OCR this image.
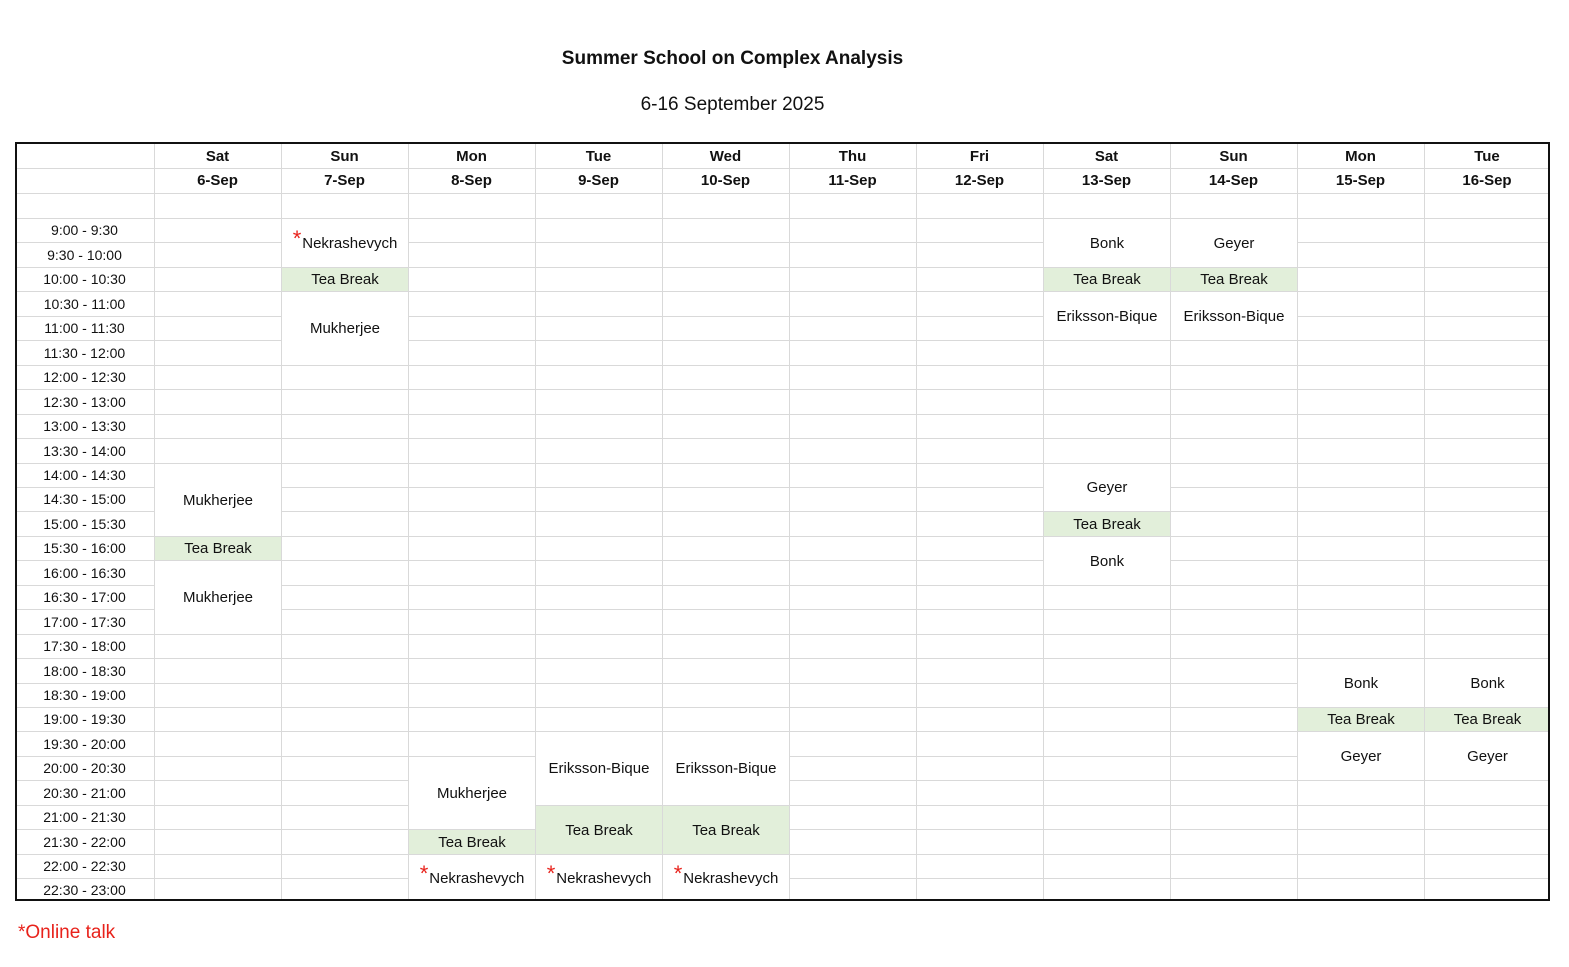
Summer School on Complex Analysis
6-16 September 2025
Sat
6-Sep
Sun
7-Sep
Mon
8-Sep
Tue
9-Sep
Wed
10-Sep
Thu
11-Sep
Fri
12-Sep
Sat
13-Sep
Sun
14-Sep
Mon
15-Sep
Tue
16-Sep
9:00 - 9:30
9:30 - 10:00
10:00 - 10:30
10:30 - 11:00
11:00 - 11:30
11:30 - 12:00
12:00 - 12:30
12:30 - 13:00
13:00 - 13:30
13:30 - 14:00
14:00 - 14:30
14:30 - 15:00
15:00 - 15:30
15:30 - 16:00
16:00 - 16:30
16:30 - 17:00
17:00 - 17:30
17:30 - 18:00
18:00 - 18:30
18:30 - 19:00
19:00 - 19:30
19:30 - 20:00
20:00 - 20:30
20:30 - 21:00
21:00 - 21:30
21:30 - 22:00
22:00 - 22:30
22:30 - 23:00
Mukherjee
Tea Break
Mukherjee
* Nekrashevych
Tea Break
Mukherjee
Mukherjee
Tea Break
* Nekrashevych
Eriksson-Bique
Tea Break
* Nekrashevych
Eriksson-Bique
Tea Break
* Nekrashevych
Bonk
Tea Break
Eriksson-Bique
Geyer
Tea Break
Bonk
Geyer
Tea Break
Eriksson-Bique
Bonk
Tea Break
Geyer
Bonk
Tea Break
Geyer
*Online talk
